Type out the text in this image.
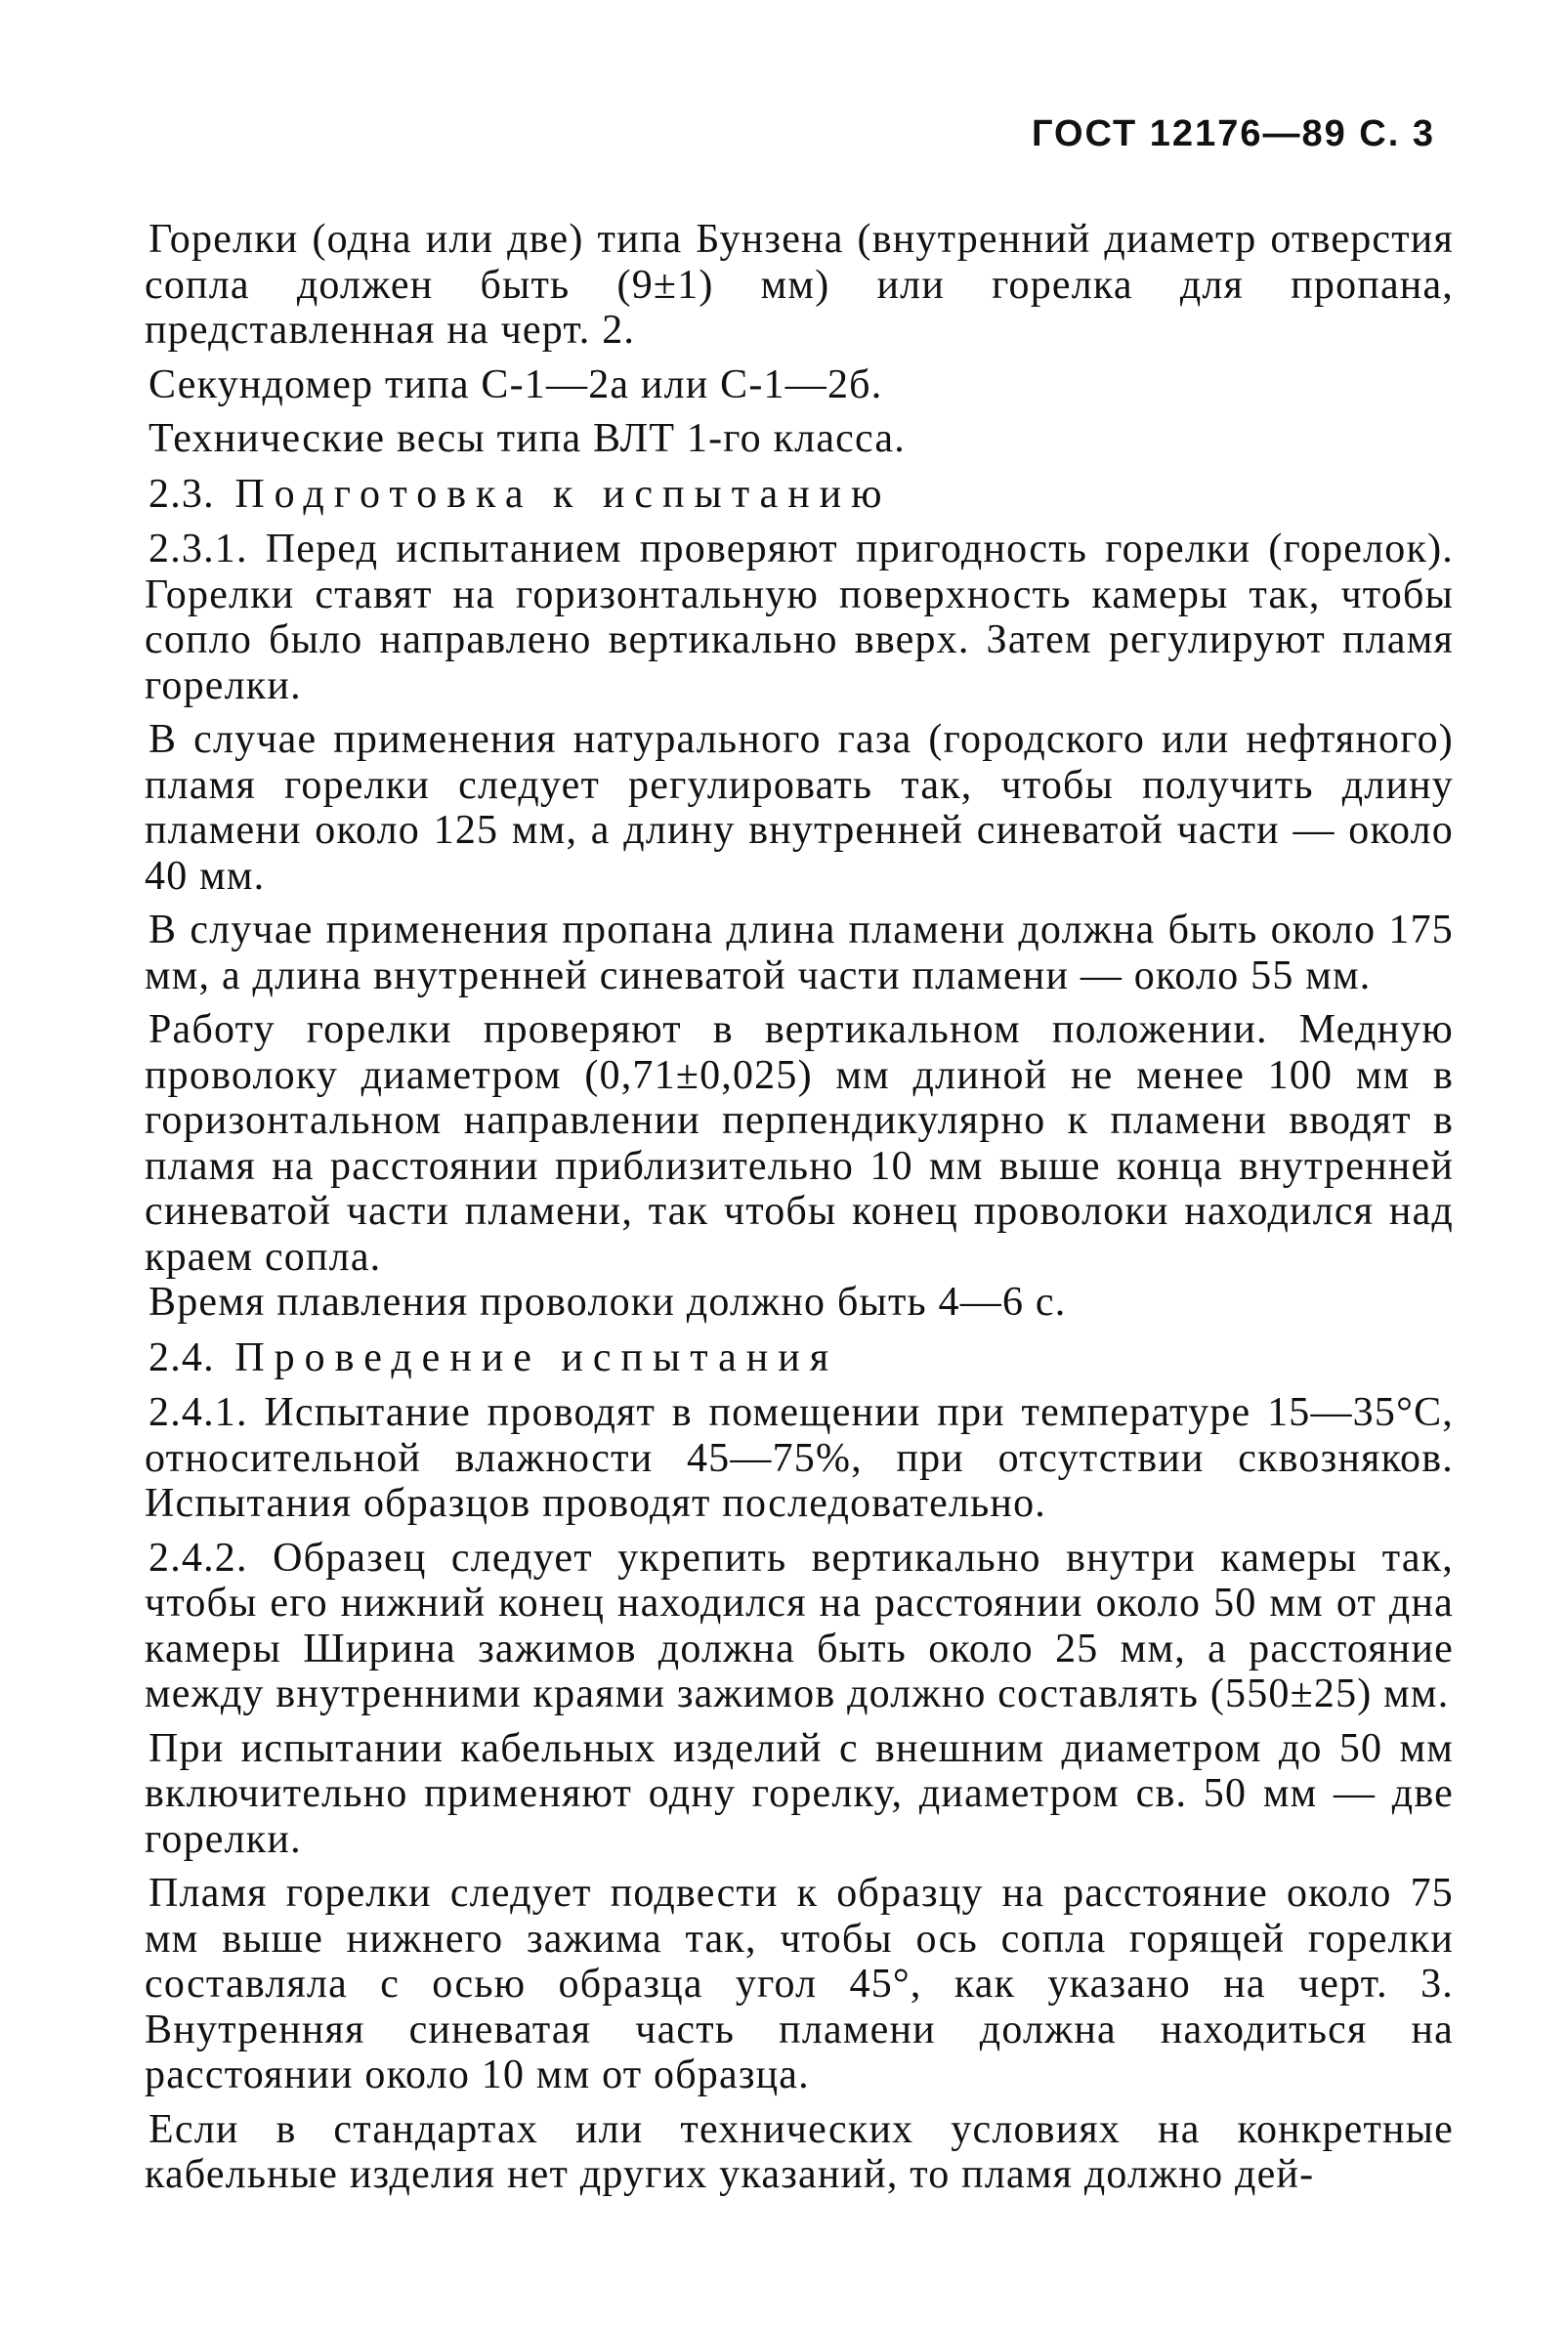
ГОСТ 12176—89 С. 3

Горелки (одна или две) типа Бунзена (внутренний диаметр отверстия сопла должен быть (9±1) мм) или горелка для пропана, представленная на черт. 2.

Секундомер типа С-1—2а или С-1—2б.

Технические весы типа ВЛТ 1-го класса.

2.3. Подготовка к испытанию

2.3.1. Перед испытанием проверяют пригодность горелки (горелок). Горелки ставят на горизонтальную поверхность камеры так, чтобы сопло было направлено вертикально вверх. Затем регулируют пламя горелки.

В случае применения натурального газа (городского или нефтяного) пламя горелки следует регулировать так, чтобы получить длину пламени около 125 мм, а длину внутренней синеватой части — около 40 мм.

В случае применения пропана длина пламени должна быть около 175 мм, а длина внутренней синеватой части пламени — около 55 мм.

Работу горелки проверяют в вертикальном положении. Медную проволоку диаметром (0,71±0,025) мм длиной не менее 100 мм в горизонтальном направлении перпендикулярно к пламени вводят в пламя на расстоянии приблизительно 10 мм выше конца внутренней синеватой части пламени, так чтобы конец проволоки находился над краем сопла.

Время плавления проволоки должно быть 4—6 с.

2.4. Проведение испытания

2.4.1. Испытание проводят в помещении при температуре 15—35°С, относительной влажности 45—75%, при отсутствии сквозняков. Испытания образцов проводят последовательно.

2.4.2. Образец следует укрепить вертикально внутри камеры так, чтобы его нижний конец находился на расстоянии около 50 мм от дна камеры Ширина зажимов должна быть около 25 мм, а расстояние между внутренними краями зажимов должно составлять (550±25) мм.

При испытании кабельных изделий с внешним диаметром до 50 мм включительно применяют одну горелку, диаметром св. 50 мм — две горелки.

Пламя горелки следует подвести к образцу на расстояние около 75 мм выше нижнего зажима так, чтобы ось сопла горящей горелки составляла с осью образца угол 45°, как указано на черт. 3. Внутренняя синеватая часть пламени должна находиться на расстоянии около 10 мм от образца.

Если в стандартах или технических условиях на конкретные кабельные изделия нет других указаний, то пламя должно дей-
